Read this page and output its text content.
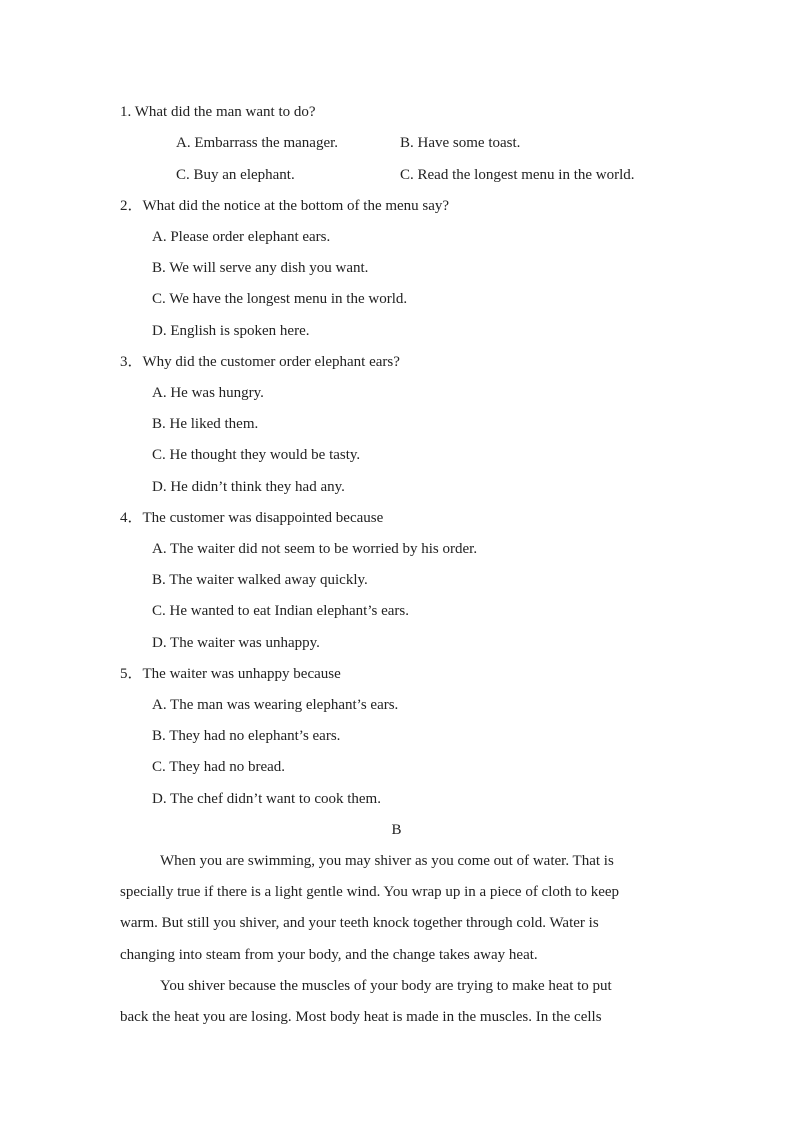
1. What did the man want to do?
A. Embarrass the manager.	B. Have some toast.
C. Buy an elephant.	C. Read the longest menu in the world.
2．What did the notice at the bottom of the menu say?
A. Please order elephant ears.
B. We will serve any dish you want.
C. We have the longest menu in the world.
D. English is spoken here.
3．Why did the customer order elephant ears?
A. He was hungry.
B. He liked them.
C. He thought they would be tasty.
D. He didn’t think they had any.
4．The customer was disappointed because
A. The waiter did not seem to be worried by his order.
B. The waiter walked away quickly.
C. He wanted to eat Indian elephant’s ears.
D. The waiter was unhappy.
5．The waiter was unhappy because
A. The man was wearing elephant’s ears.
B. They had no elephant’s ears.
C. They had no bread.
D. The chef didn’t want to cook them.
B
When you are swimming, you may shiver as you come out of water. That is
specially true if there is a light gentle wind. You wrap up in a piece of cloth to keep
warm. But still you shiver, and your teeth knock together through cold. Water is
changing into steam from your body, and the change takes away heat.
You shiver because the muscles of your body are trying to make heat to put
back the heat you are losing. Most body heat is made in the muscles. In the cells
